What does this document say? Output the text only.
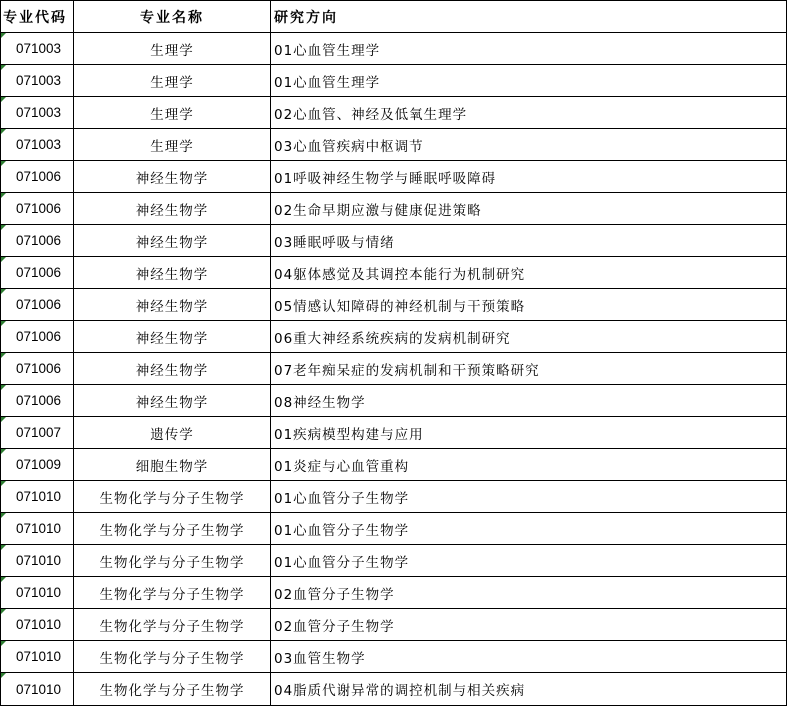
专业代码	专业名称	研究方向

071003	生理学	01心血管生理学

071003	生理学	01心血管生理学

071003	生理学	02心血管、神经及低氧生理学

071003	生理学	03心血管疾病中枢调节

071006	神经生物学	01呼吸神经生物学与睡眠呼吸障碍

071006	神经生物学	02生命早期应激与健康促进策略

071006	神经生物学	03睡眠呼吸与情绪

071006	神经生物学	04躯体感觉及其调控本能行为机制研究

071006	神经生物学	05情感认知障碍的神经机制与干预策略

071006	神经生物学	06重大神经系统疾病的发病机制研究

071006	神经生物学	07老年痴呆症的发病机制和干预策略研究

071006	神经生物学	08神经生物学

071007	遗传学	01疾病模型构建与应用

071009	细胞生物学	01炎症与心血管重构

071010	生物化学与分子生物学	01心血管分子生物学

071010	生物化学与分子生物学	01心血管分子生物学

071010	生物化学与分子生物学	01心血管分子生物学

071010	生物化学与分子生物学	02血管分子生物学

071010	生物化学与分子生物学	02血管分子生物学

071010	生物化学与分子生物学	03血管生物学

071010	生物化学与分子生物学	04脂质代谢异常的调控机制与相关疾病
